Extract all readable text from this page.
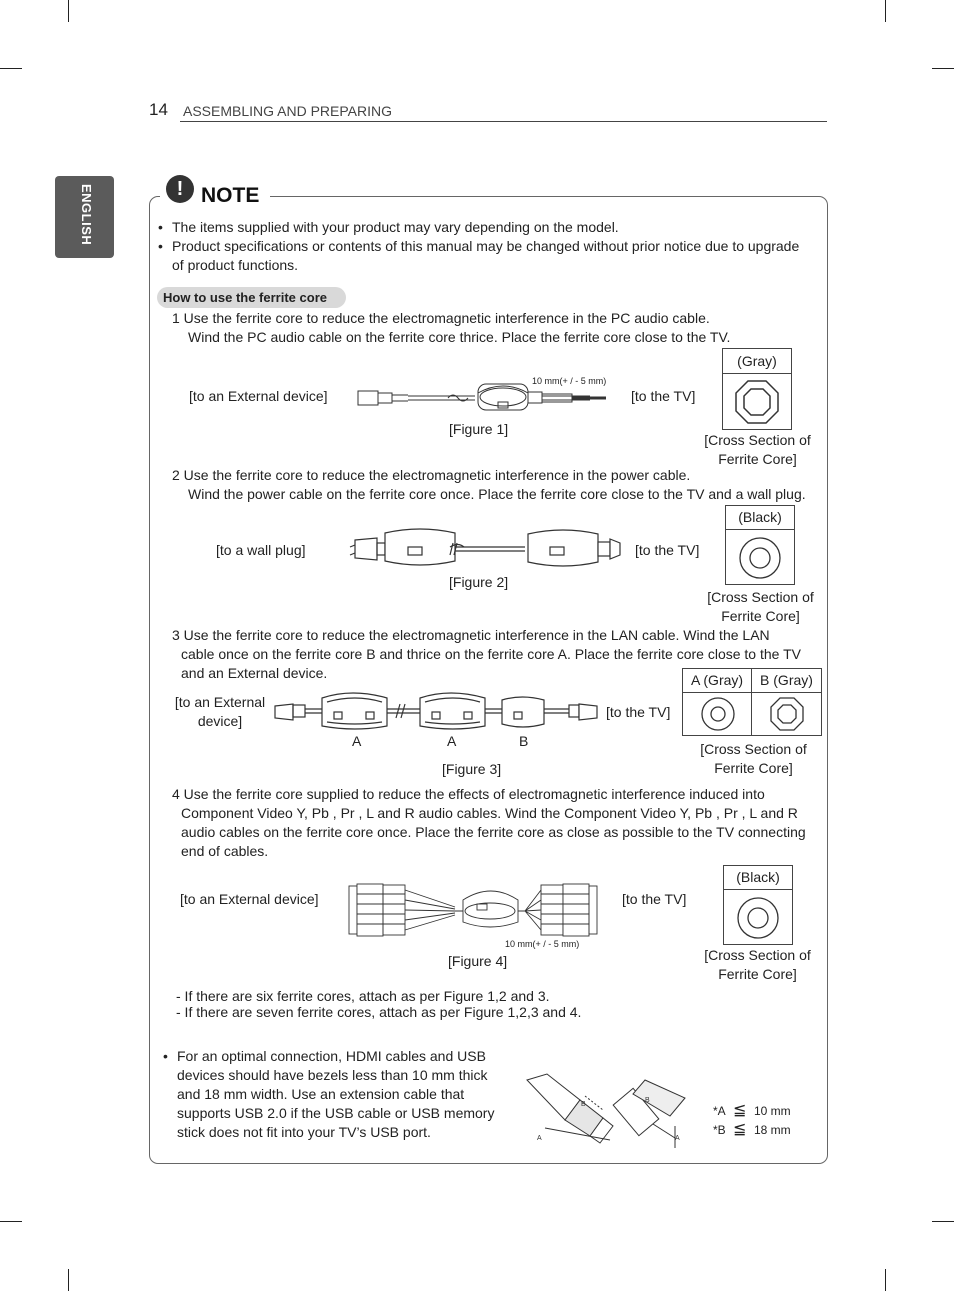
14 ASSEMBLING AND PREPARING
ENGLISH	! NOTE
• The items supplied with your product may vary depending on the model.
• Product specifications or contents of this manual may be changed without prior notice due to upgrade
of product functions.
How to use the ferrite core
1 Use the ferrite core to reduce the electromagnetic interference in the PC audio cable.
Wind the PC audio cable on the ferrite core thrice. Place the ferrite core close to the TV.
[to an External device]	[to the TV]
10 mm(+ / - 5 mm)
[Figure 1]
(Gray)
[Cross Section of
Ferrite Core]
2 Use the ferrite core to reduce the electromagnetic interference in the power cable.
Wind the power cable on the ferrite core once. Place the ferrite core close to the TV and a wall plug.
[to a wall plug]	[to the TV]
[Figure 2]
(Black)
[Cross Section of
Ferrite Core]
3 Use the ferrite core to reduce the electromagnetic interference in the LAN cable. Wind the LAN
cable once on the ferrite core B and thrice on the ferrite core A. Place the ferrite core close to the TV
and an External device.
[to an External
device]
[to the TV]
A	A	B
[Figure 3]
A (Gray)	B (Gray)
[Cross Section of
Ferrite Core]
4 Use the ferrite core supplied to reduce the effects of electromagnetic interference induced into
Component Video Y, Pb , Pr , L and R audio cables. Wind the Component Video Y, Pb , Pr , L and R
audio cables on the ferrite core once. Place the ferrite core as close as possible to the TV connecting
end of cables.
[to an External device]	[to the TV]
10 mm(+ / - 5 mm)
[Figure 4]
(Black)
[Cross Section of
Ferrite Core]
- If there are six ferrite cores, attach as per Figure 1,2 and 3.
- If there are seven ferrite cores, attach as per Figure 1,2,3 and 4.
• For an optimal connection, HDMI cables and USB
devices should have bezels less than 10 mm thick
and 18 mm width. Use an extension cable that
supports USB 2.0 if the USB cable or USB memory
stick does not fit into your TV’s USB port.	A
B
B
A
*A ≦ 10 mm
*B ≦ 18 mm
